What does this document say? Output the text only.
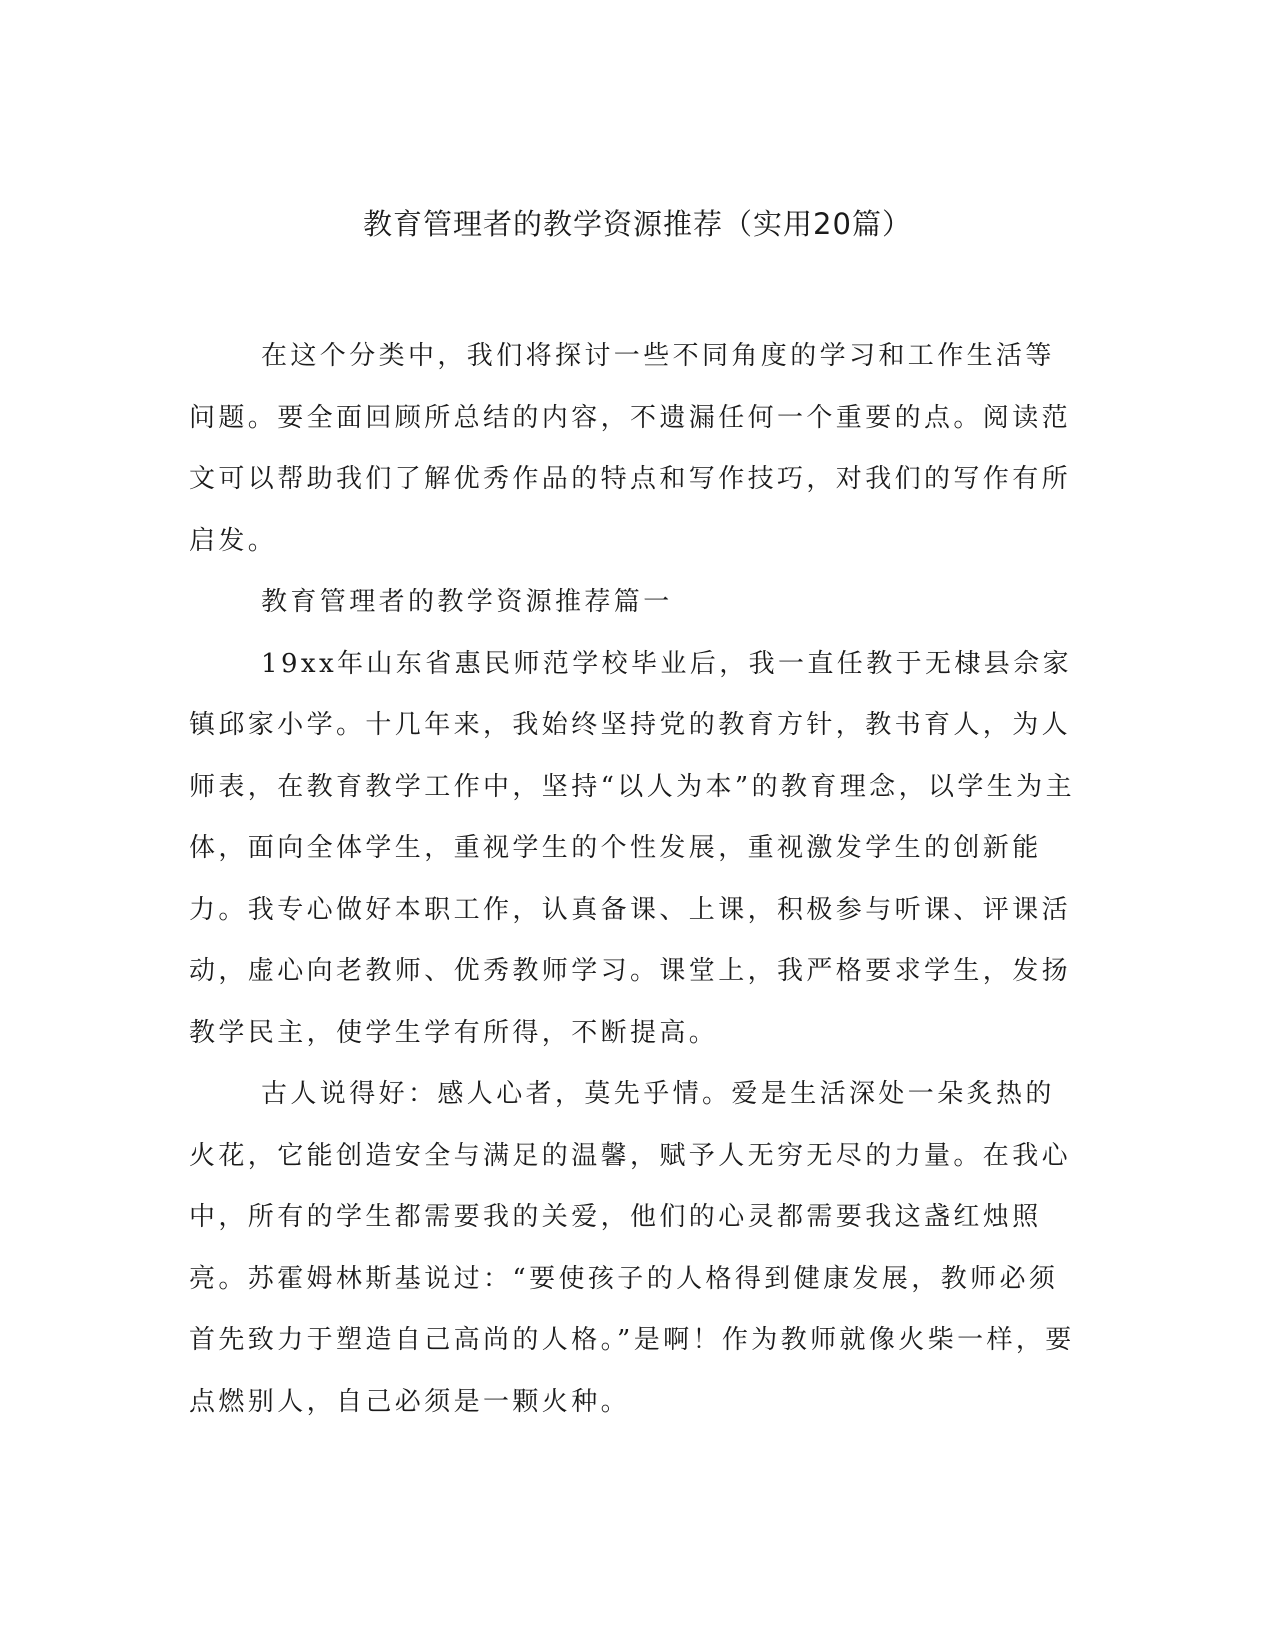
教育管理者的教学资源推荐（实用20篇）

在这个分类中，我们将探讨一些不同角度的学习和工作生活等问题。要全面回顾所总结的内容，不遗漏任何一个重要的点。阅读范文可以帮助我们了解优秀作品的特点和写作技巧，对我们的写作有所启发。

教育管理者的教学资源推荐篇一

19xx年山东省惠民师范学校毕业后，我一直任教于无棣县佘家镇邱家小学。十几年来，我始终坚持党的教育方针，教书育人，为人师表，在教育教学工作中，坚持“以人为本”的教育理念，以学生为主体，面向全体学生，重视学生的个性发展，重视激发学生的创新能力。我专心做好本职工作，认真备课、上课，积极参与听课、评课活动，虚心向老教师、优秀教师学习。课堂上，我严格要求学生，发扬教学民主，使学生学有所得，不断提高。

古人说得好：感人心者，莫先乎情。爱是生活深处一朵炙热的火花，它能创造安全与满足的温馨，赋予人无穷无尽的力量。在我心中，所有的学生都需要我的关爱，他们的心灵都需要我这盏红烛照亮。苏霍姆林斯基说过：“要使孩子的人格得到健康发展，教师必须首先致力于塑造自己高尚的人格。”是啊！作为教师就像火柴一样，要点燃别人，自己必须是一颗火种。
